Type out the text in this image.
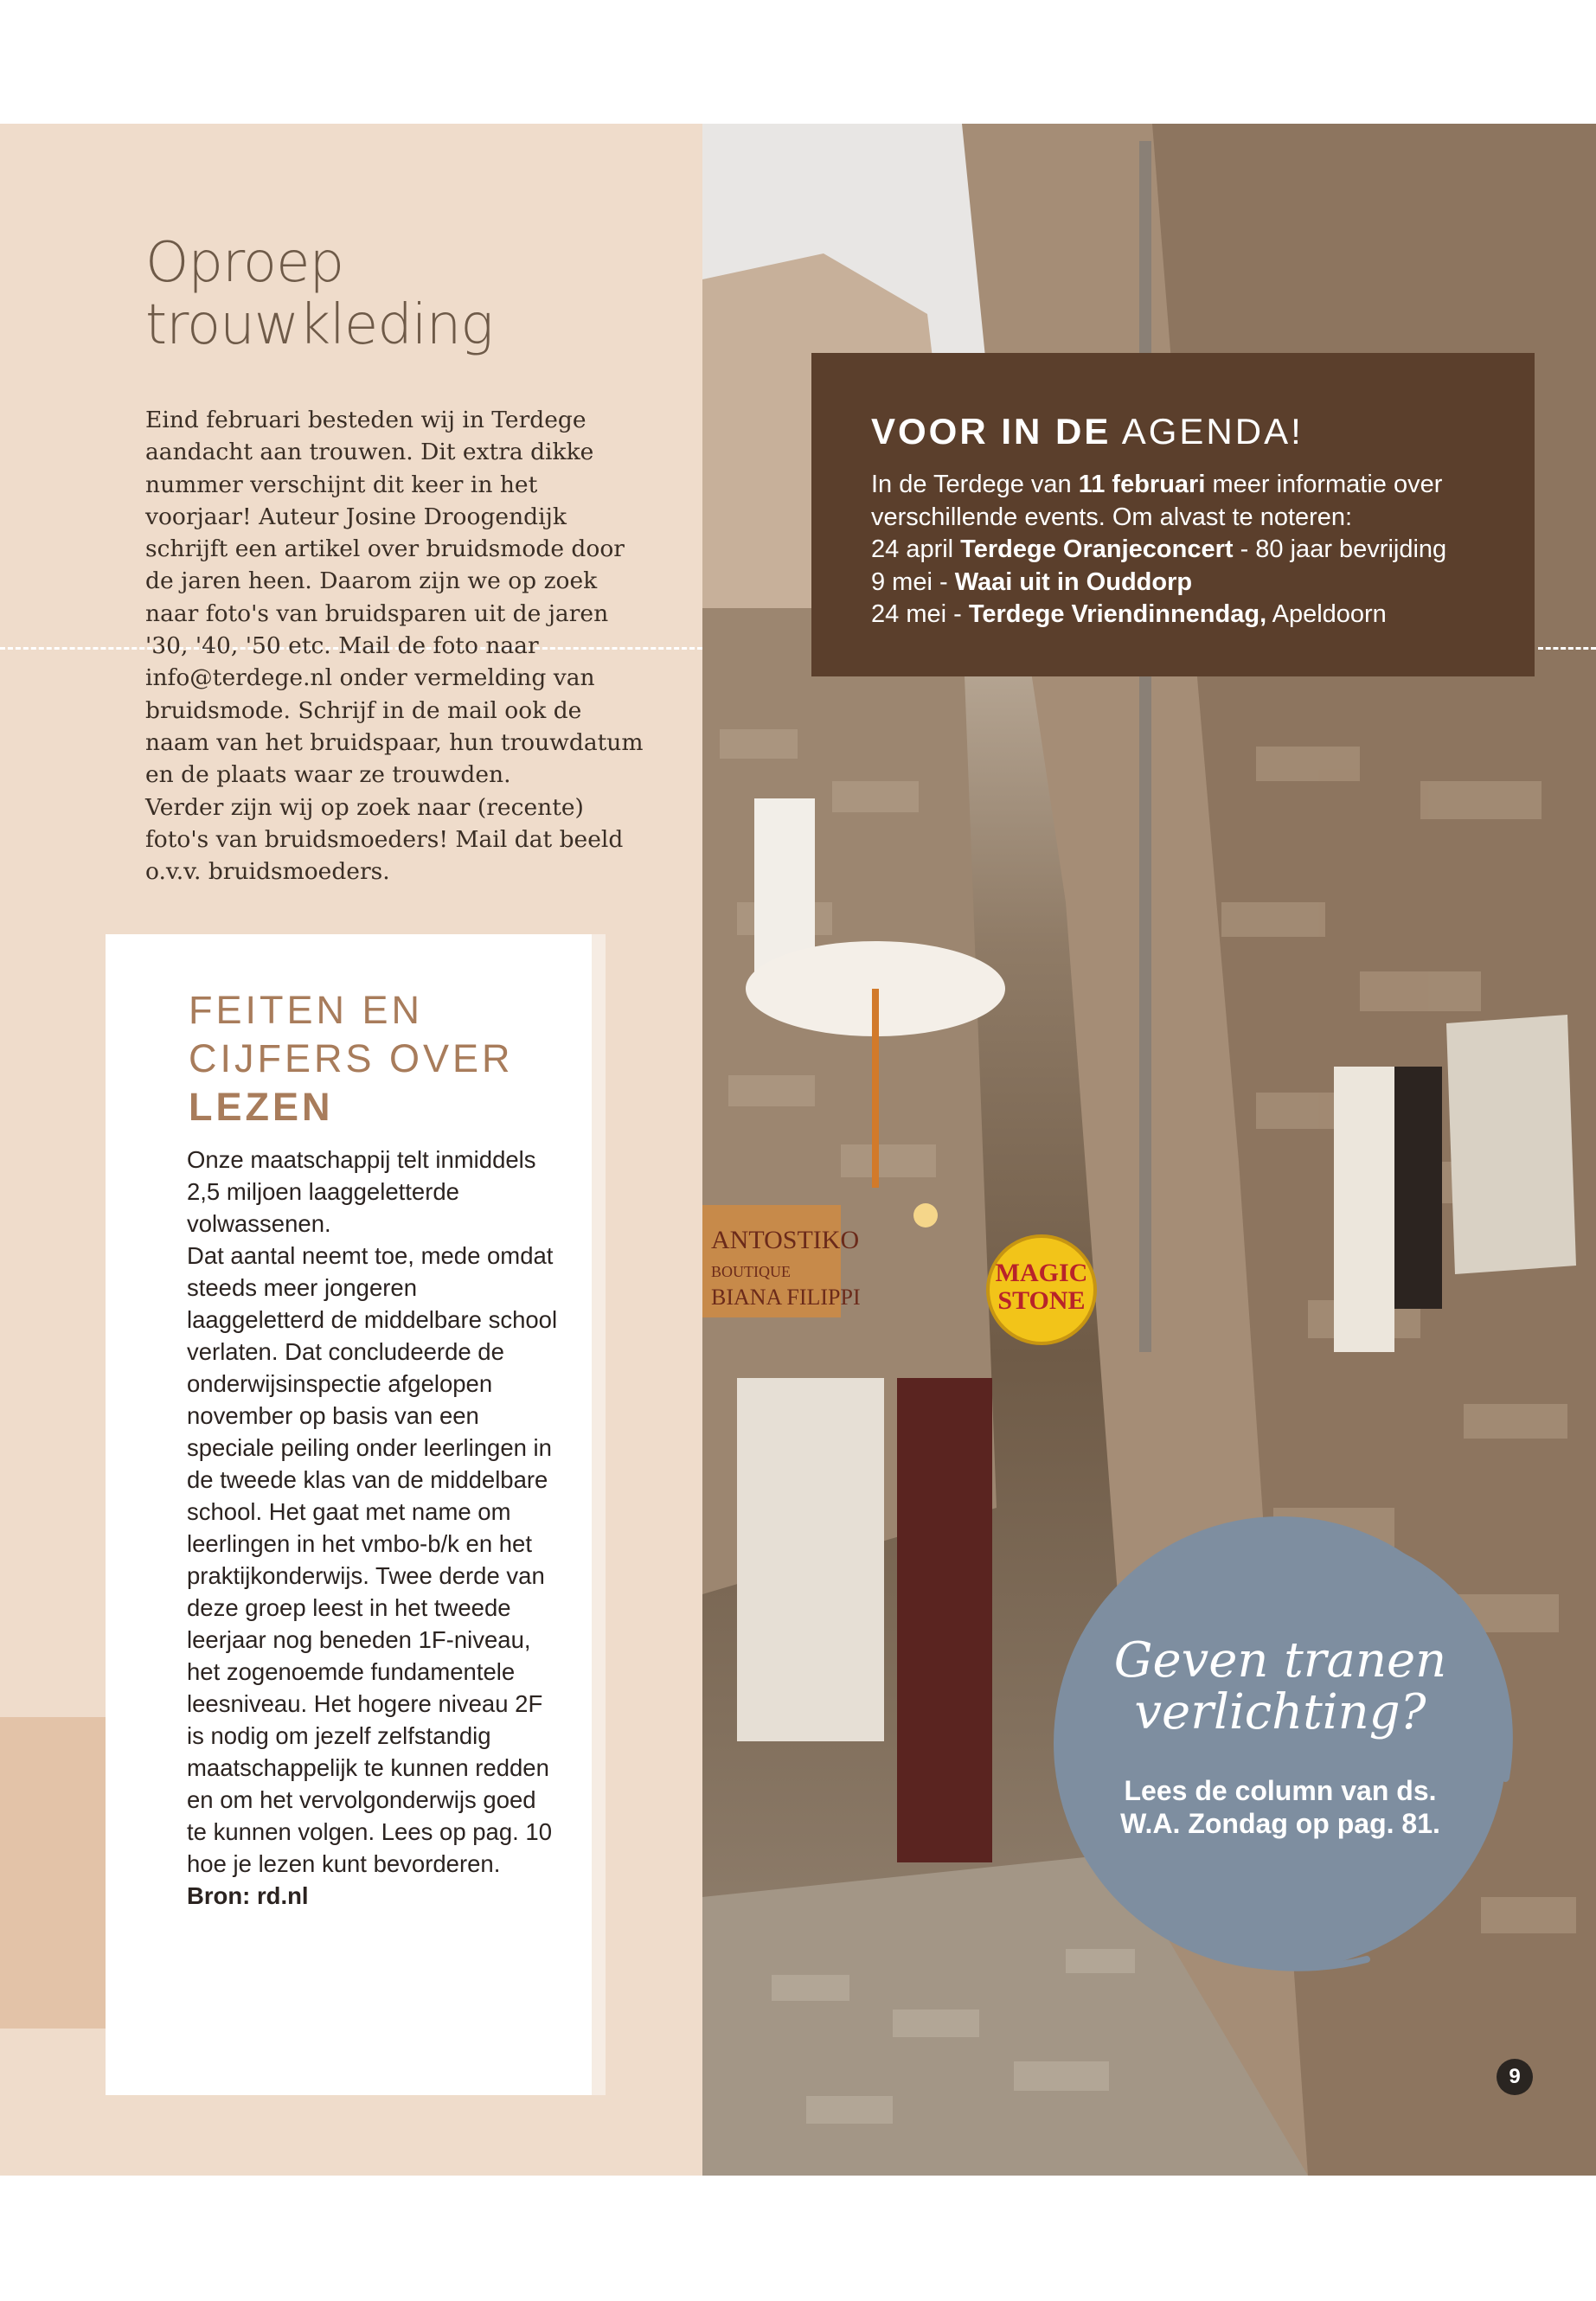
ANTOSTIKO
BOUTIQUE
BIANA FILIPPI
MAGIC
STONE
Oproep
trouwkleding

Eind februari besteden wij in Terdege aandacht aan trouwen. Dit extra dikke nummer verschijnt dit keer in het voorjaar! Auteur Josine Droogendijk schrijft een artikel over bruidsmode door de jaren heen. Daarom zijn we op zoek naar foto's van bruidsparen uit de jaren '30, '40, '50 etc. Mail de foto naar info@terdege.nl onder vermelding van bruidsmode. Schrijf in de mail ook de naam van het bruidspaar, hun trouwdatum en de plaats waar ze trouwden.

Verder zijn wij op zoek naar (recente) foto's van bruidsmoeders! Mail dat beeld o.v.v. bruidsmoeders.

FEITEN EN
CIJFERS OVER
LEZEN

Onze maatschappij telt inmiddels 2,5 miljoen laaggeletterde volwassenen.

Dat aantal neemt toe, mede omdat steeds meer jongeren laaggeletterd de middelbare school verlaten. Dat concludeerde de onderwijsinspectie afgelopen november op basis van een speciale peiling onder leerlingen in de tweede klas van de middelbare school. Het gaat met name om leerlingen in het vmbo-b/k en het praktijkonderwijs. Twee derde van deze groep leest in het tweede leerjaar nog beneden 1F-niveau, het zogenoemde fundamentele leesniveau. Het hogere niveau 2F is nodig om jezelf zelfstandig maatschappelijk te kunnen redden en om het vervolgonderwijs goed te kunnen volgen. Lees op pag. 10 hoe je lezen kunt bevorderen.

Bron: rd.nl
VOOR IN DE AGENDA!
In de Terdege van 11 februari meer informatie over
verschillende events. Om alvast te noteren:
24 april Terdege Oranjeconcert - 80 jaar bevrijding
9 mei - Waai uit in Ouddorp
24 mei - Terdege Vriendinnendag, Apeldoorn
Geven tranen
verlichting?

Lees de column van ds.
W.A. Zondag op pag. 81.

9
